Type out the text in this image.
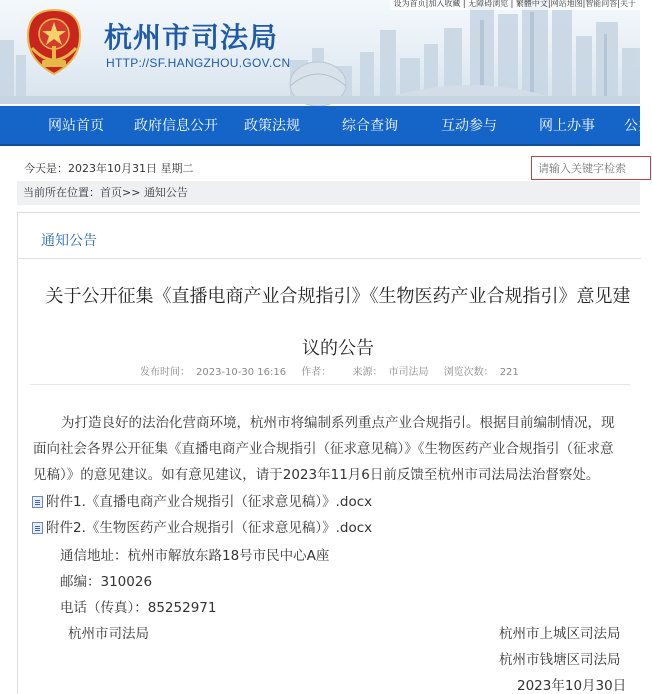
设为首页|加入收藏 | 无障碍浏览 | 繁體中文|网站地图|智能问答|关于
杭州市司法局
HTTP://SF.HANGZHOU.GOV.CN
网站首页 政府信息公开 政策法规	综合查询	互动参与	网上办事 公共
今天是：2023年10月31日 星期二
请输入关键字检索
当前所在位置：首页>> 通知公告
通知公告
关于公开征集《直播电商产业合规指引》《生物医药产业合规指引》意见建议的公告
发布时间： 2023-10-30 16:16 作者： 来源： 市司法局 浏览次数： 221
为打造良好的法治化营商环境，杭州市将编制系列重点产业合规指引。根据目前编制情况，现面向社会各界公开征集《直播电商产业合规指引（征求意见稿）》《生物医药产业合规指引（征求意见稿）》的意见建议。如有意见建议，请于2023年11月6日前反馈至杭州市司法局法治督察处。
附件1.《直播电商产业合规指引（征求意见稿）》.docx
附件2.《生物医药产业合规指引（征求意见稿）》.docx
通信地址：杭州市解放东路18号市民中心A座
邮编：310026
电话（传真）：85252971
杭州市司法局	杭州市上城区司法局
杭州市钱塘区司法局
2023年10月30日
